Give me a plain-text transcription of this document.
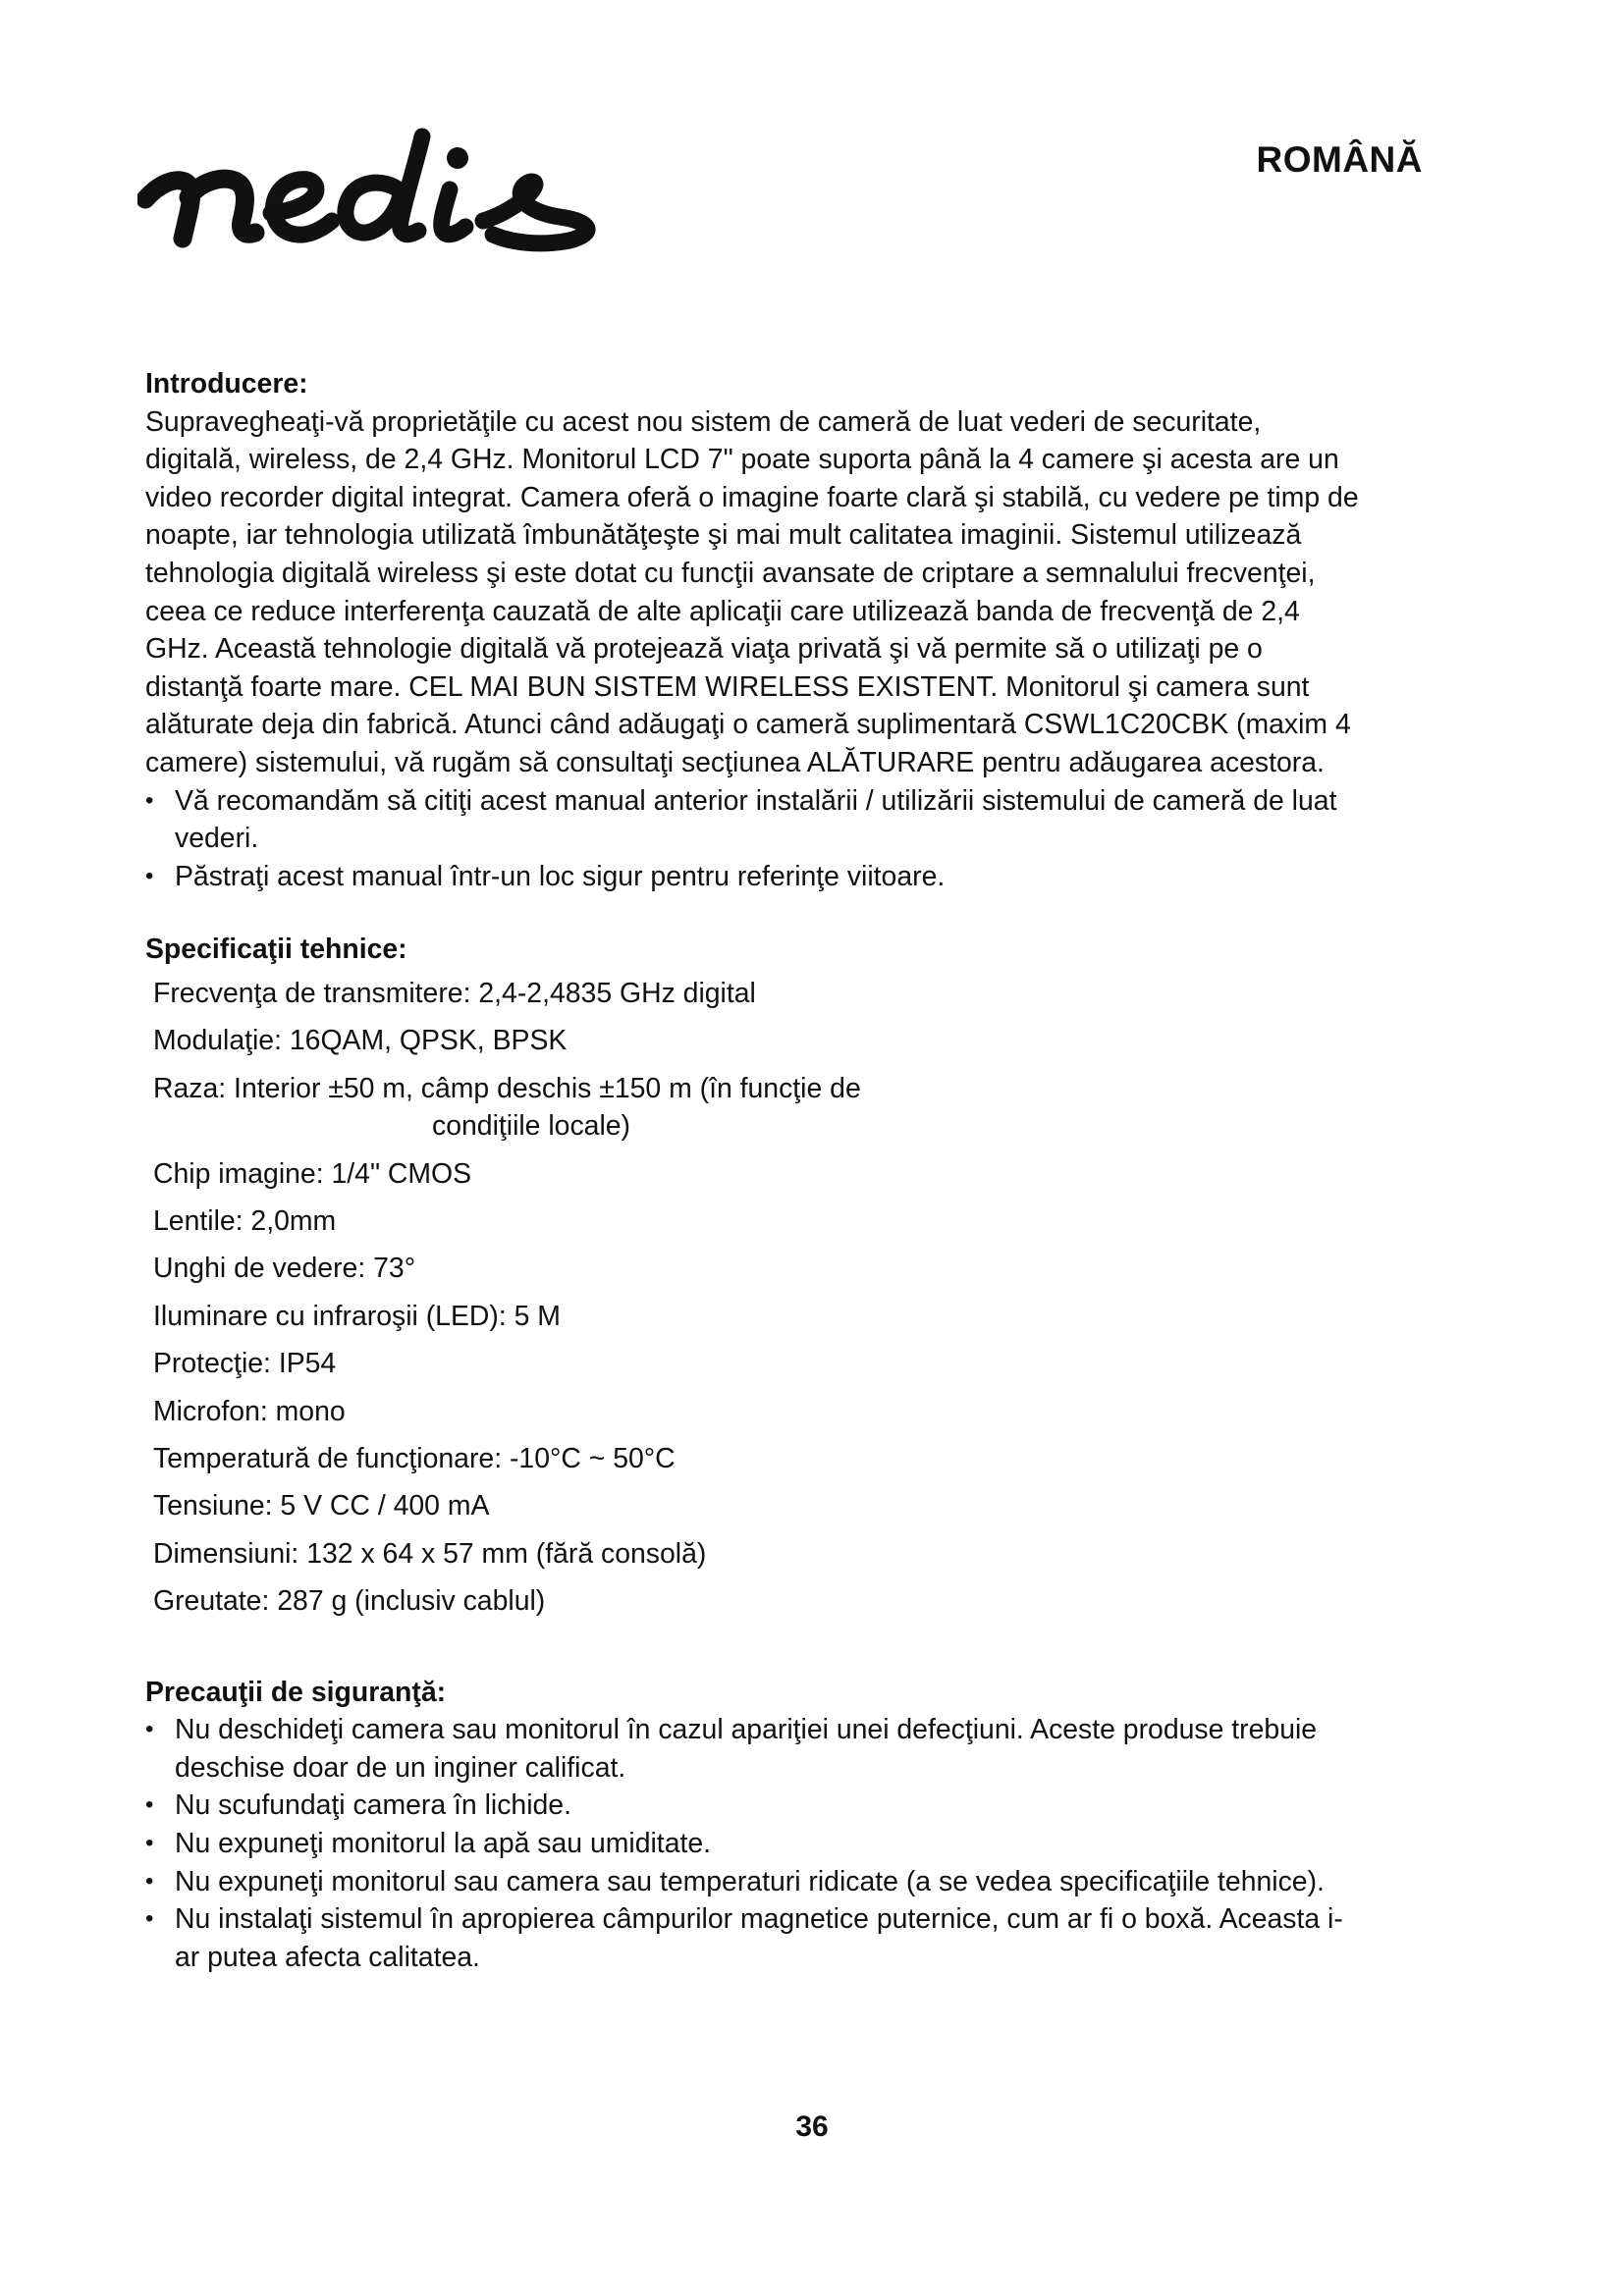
ROMÂNĂ
Introducere:

Supravegheaţi-vă proprietăţile cu acest nou sistem de cameră de luat vederi de securitate, digitală, wireless, de 2,4 GHz. Monitorul LCD 7" poate suporta până la 4 camere şi acesta are un video recorder digital integrat. Camera oferă o imagine foarte clară şi stabilă, cu vedere pe timp de noapte, iar tehnologia utilizată îmbunătăţeşte şi mai mult calitatea imaginii. Sistemul utilizează tehnologia digitală wireless şi este dotat cu funcţii avansate de criptare a semnalului frecvenţei, ceea ce reduce interferenţa cauzată de alte aplicaţii care utilizează banda de frecvenţă de 2,4 GHz. Această tehnologie digitală vă protejează viaţa privată şi vă permite să o utilizaţi pe o distanţă foarte mare. CEL MAI BUN SISTEM WIRELESS EXISTENT. Monitorul şi camera sunt alăturate deja din fabrică. Atunci când adăugaţi o cameră suplimentară CSWL1C20CBK (maxim 4 camere) sistemului, vă rugăm să consultaţi secţiunea ALĂTURARE pentru adăugarea acestora.

• Vă recomandăm să citiţi acest manual anterior instalării / utilizării sistemului de cameră de luat vederi.
• Păstraţi acest manual într-un loc sigur pentru referinţe viitoare.
Specificaţii tehnice:
Frecvenţa de transmitere: 2,4-2,4835 GHz digital
Modulaţie: 16QAM, QPSK, BPSK
Raza: Interior ±50 m, câmp deschis ±150 m (în funcţie de
condiţiile locale)
Chip imagine: 1/4" CMOS
Lentile: 2,0mm
Unghi de vedere: 73°
Iluminare cu infraroşii (LED): 5 M
Protecţie: IP54
Microfon: mono
Temperatură de funcţionare: -10°C ~ 50°C
Tensiune: 5 V CC / 400 mA
Dimensiuni: 132 x 64 x 57 mm (fără consolă)
Greutate: 287 g (inclusiv cablul)
Precauţii de siguranţă:
• Nu deschideţi camera sau monitorul în cazul apariţiei unei defecţiuni. Aceste produse trebuie deschise doar de un inginer calificat.
• Nu scufundaţi camera în lichide.
• Nu expuneţi monitorul la apă sau umiditate.
• Nu expuneţi monitorul sau camera sau temperaturi ridicate (a se vedea specificaţiile tehnice).
• Nu instalaţi sistemul în apropierea câmpurilor magnetice puternice, cum ar fi o boxă. Aceasta i-ar putea afecta calitatea.
36
